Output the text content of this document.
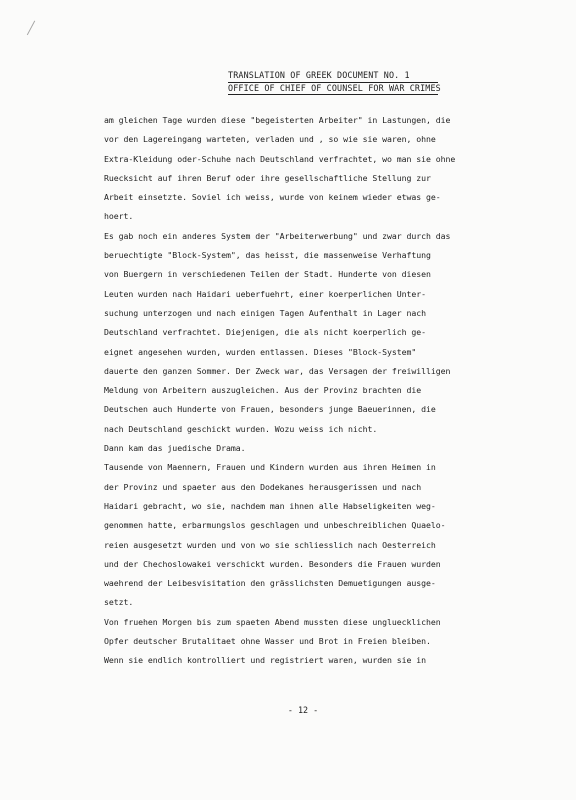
TRANSLATION OF GREEK DOCUMENT NO. 1
OFFICE OF CHIEF OF COUNSEL FOR WAR CRIMES
am gleichen Tage wurden diese "begeisterten Arbeiter" in Lastungen, die
vor den Lagereingang warteten, verladen und , so wie sie waren, ohne
Extra-Kleidung oder-Schuhe nach Deutschland verfrachtet, wo man sie ohne
Ruecksicht auf ihren Beruf oder ihre gesellschaftliche Stellung zur
Arbeit einsetzte. Soviel ich weiss, wurde von keinem wieder etwas ge-
hoert.
Es gab noch ein anderes System der "Arbeiterwerbung" und zwar durch das
beruechtigte "Block-System", das heisst, die massenweise Verhaftung
von Buergern in verschiedenen Teilen der Stadt. Hunderte von diesen
Leuten wurden nach Haidari ueberfuehrt, einer koerperlichen Unter-
suchung unterzogen und nach einigen Tagen Aufenthalt in Lager nach
Deutschland verfrachtet. Diejenigen, die als nicht koerperlich ge-
eignet angesehen wurden, wurden entlassen. Dieses "Block-System"
dauerte den ganzen Sommer. Der Zweck war, das Versagen der freiwilligen
Meldung von Arbeitern auszugleichen. Aus der Provinz brachten die
Deutschen auch Hunderte von Frauen, besonders junge Baeuerinnen, die
nach Deutschland geschickt wurden. Wozu weiss ich nicht.
Dann kam das juedische Drama.
Tausende von Maennern, Frauen und Kindern wurden aus ihren Heimen in
der Provinz und spaeter aus den Dodekanes herausgerissen und nach
Haidari gebracht, wo sie, nachdem man ihnen alle Habseligkeiten weg-
genommen hatte, erbarmungslos geschlagen und unbeschreiblichen Quaelo-
reien ausgesetzt wurden und von wo sie schliesslich nach Oesterreich
und der Chechoslowakei verschickt wurden. Besonders die Frauen wurden
waehrend der Leibesvisitation den grässlichsten Demuetigungen ausge-
setzt.
Von fruehen Morgen bis zum spaeten Abend mussten diese ungluecklichen
Opfer deutscher Brutalitaet ohne Wasser und Brot in Freien bleiben.
Wenn sie endlich kontrolliert und registriert waren, wurden sie in
- 12 -
